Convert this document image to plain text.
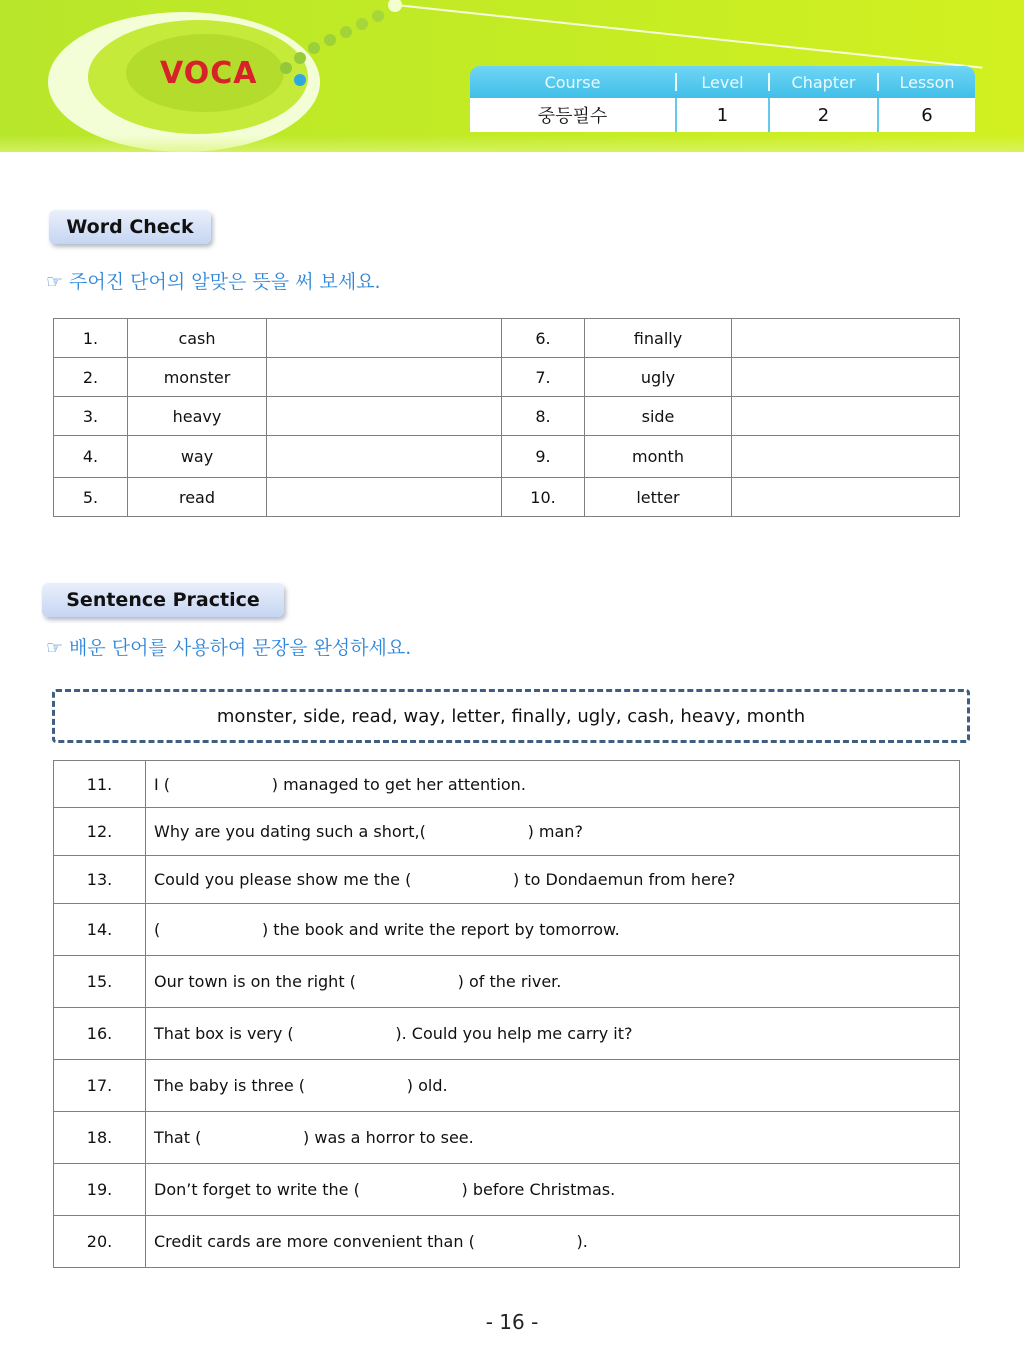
VOCA	Course	Level	Chapter	Lesson
중등필수	1	2	6
Word Check
☞ 주어진 단어의 알맞은 뜻을 써 보세요.
1.	cash		6.	finally	
2.	monster		7.	ugly	
3.	heavy		8.	side	
4.	way		9.	month	
5.	read		10.	letter	
Sentence Practice
☞ 배운 단어를 사용하여 문장을 완성하세요.
monster, side, read, way, letter, finally, ugly, cash, heavy, month
11.	I (                    ) managed to get her attention.
12.	Why are you dating such a short,(                    ) man?
13.	Could you please show me the (                    ) to Dondaemun from here?
14.	(                    ) the book and write the report by tomorrow.
15.	Our town is on the right (                    ) of the river.
16.	That box is very (                    ). Could you help me carry it?
17.	The baby is three (                    ) old.
18.	That (                    ) was a horror to see.
19.	Don’t forget to write the (                    ) before Christmas.
20.	Credit cards are more convenient than (                    ).
- 16 -
